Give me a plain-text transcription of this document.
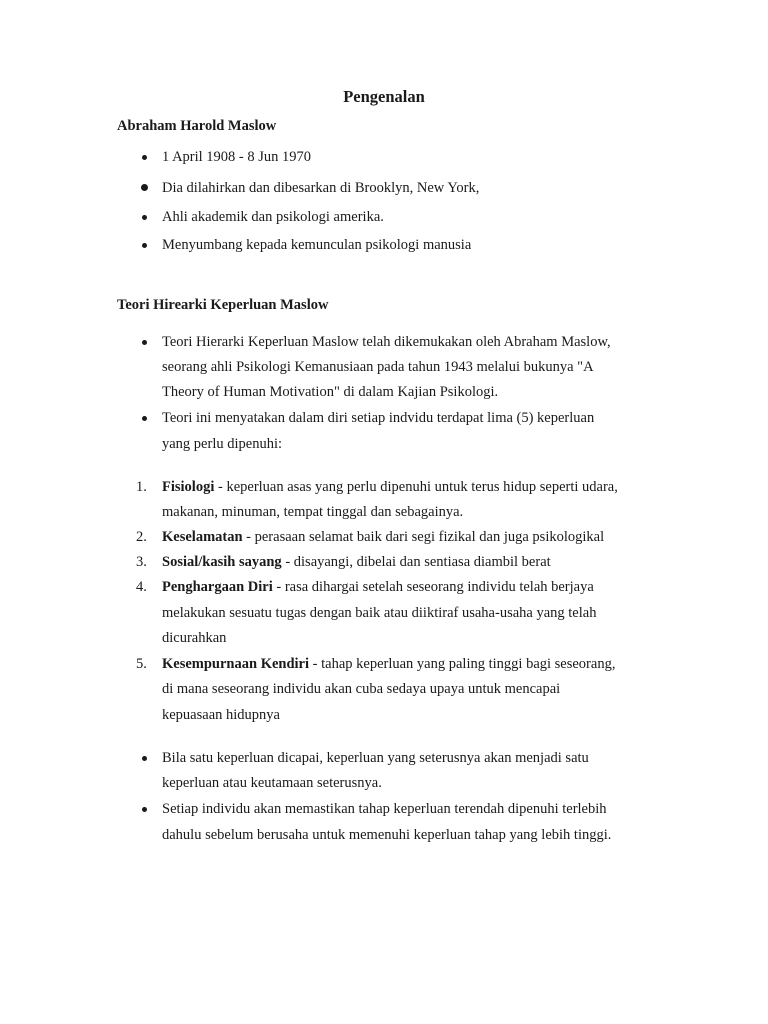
Pengenalan
Abraham Harold Maslow
1 April 1908 - 8 Jun 1970
Dia dilahirkan dan dibesarkan di Brooklyn, New York,
Ahli akademik dan psikologi amerika.
Menyumbang kepada kemunculan psikologi manusia
Teori Hirearki Keperluan Maslow
Teori Hierarki Keperluan Maslow telah dikemukakan oleh Abraham Maslow,
seorang ahli Psikologi Kemanusiaan pada tahun 1943 melalui bukunya "A
Theory of Human Motivation" di dalam Kajian Psikologi.
Teori ini menyatakan dalam diri setiap indvidu terdapat lima (5) keperluan
yang perlu dipenuhi:
1.	Fisiologi - keperluan asas yang perlu dipenuhi untuk terus hidup seperti udara,
makanan, minuman, tempat tinggal dan sebagainya.
2.	Keselamatan - perasaan selamat baik dari segi fizikal dan juga psikologikal
3.	Sosial/kasih sayang - disayangi, dibelai dan sentiasa diambil berat
4.	Penghargaan Diri - rasa dihargai setelah seseorang individu telah berjaya
melakukan sesuatu tugas dengan baik atau diiktiraf usaha-usaha yang telah
dicurahkan
5.	Kesempurnaan Kendiri - tahap keperluan yang paling tinggi bagi seseorang,
di mana seseorang individu akan cuba sedaya upaya untuk mencapai
kepuasaan hidupnya
Bila satu keperluan dicapai, keperluan yang seterusnya akan menjadi satu
keperluan atau keutamaan seterusnya.
Setiap individu akan memastikan tahap keperluan terendah dipenuhi terlebih
dahulu sebelum berusaha untuk memenuhi keperluan tahap yang lebih tinggi.
